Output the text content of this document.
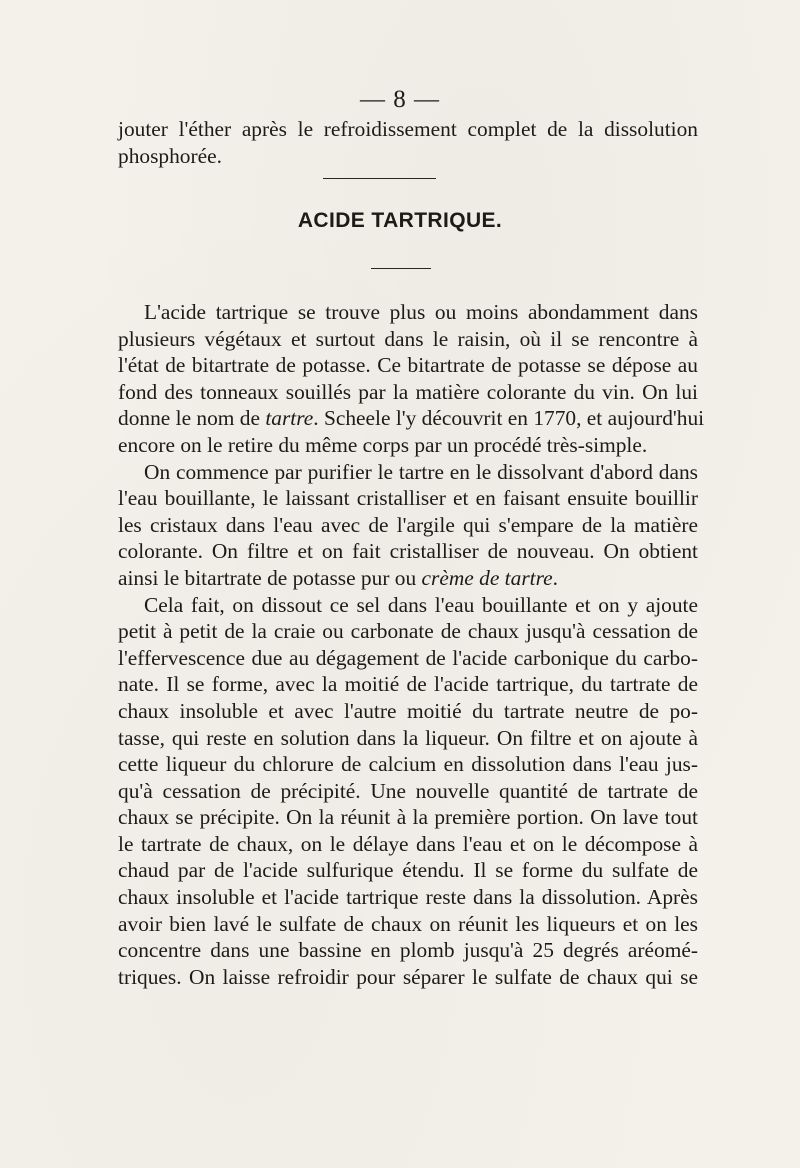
— 8 —
jouter l'éther après le refroidissement complet de la dissolution
phosphorée.
ACIDE TARTRIQUE.
L'acide tartrique se trouve plus ou moins abondamment dans
plusieurs végétaux et surtout dans le raisin, où il se rencontre à
l'état de bitartrate de potasse. Ce bitartrate de potasse se dépose au
fond des tonneaux souillés par la matière colorante du vin. On lui
donne le nom de tartre. Scheele l'y découvrit en 1770, et aujourd'hui
encore on le retire du même corps par un procédé très-simple.
On commence par purifier le tartre en le dissolvant d'abord dans
l'eau bouillante, le laissant cristalliser et en faisant ensuite bouillir
les cristaux dans l'eau avec de l'argile qui s'empare de la matière
colorante. On filtre et on fait cristalliser de nouveau. On obtient
ainsi le bitartrate de potasse pur ou crème de tartre.
Cela fait, on dissout ce sel dans l'eau bouillante et on y ajoute
petit à petit de la craie ou carbonate de chaux jusqu'à cessation de
l'effervescence due au dégagement de l'acide carbonique du carbo-
nate. Il se forme, avec la moitié de l'acide tartrique, du tartrate de
chaux insoluble et avec l'autre moitié du tartrate neutre de po-
tasse, qui reste en solution dans la liqueur. On filtre et on ajoute à
cette liqueur du chlorure de calcium en dissolution dans l'eau jus-
qu'à cessation de précipité. Une nouvelle quantité de tartrate de
chaux se précipite. On la réunit à la première portion. On lave tout
le tartrate de chaux, on le délaye dans l'eau et on le décompose à
chaud par de l'acide sulfurique étendu. Il se forme du sulfate de
chaux insoluble et l'acide tartrique reste dans la dissolution. Après
avoir bien lavé le sulfate de chaux on réunit les liqueurs et on les
concentre dans une bassine en plomb jusqu'à 25 degrés aréomé-
triques. On laisse refroidir pour séparer le sulfate de chaux qui se
